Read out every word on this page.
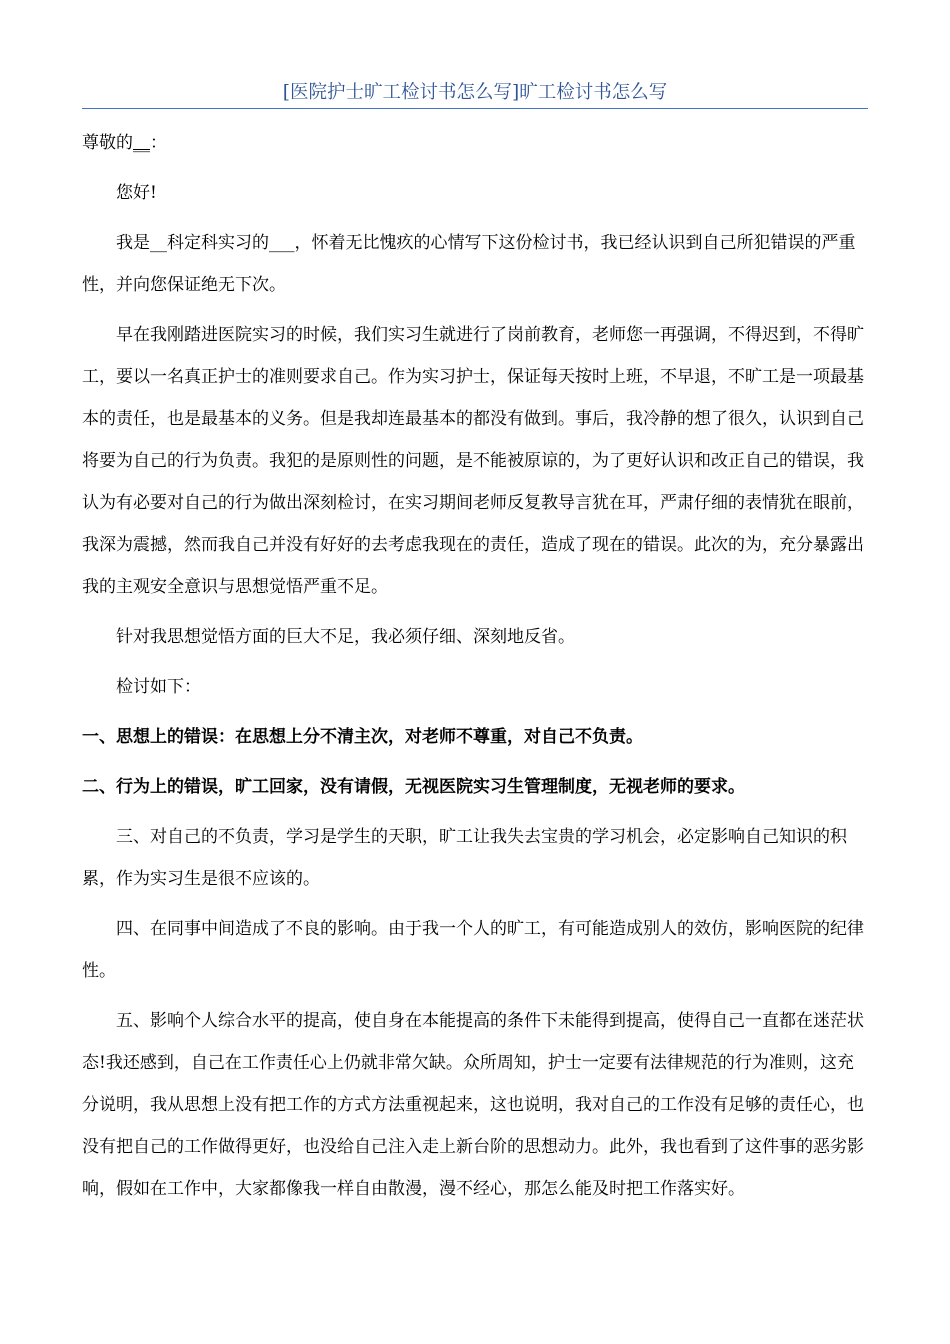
[医院护士旷工检讨书怎么写]旷工检讨书怎么写

尊敬的__：

您好!

我是__科定科实习的___，怀着无比愧疚的心情写下这份检讨书，我已经认识到自己所犯错误的严重性，并向您保证绝无下次。

早在我刚踏进医院实习的时候，我们实习生就进行了岗前教育，老师您一再强调，不得迟到，不得旷工，要以一名真正护士的准则要求自己。作为实习护士，保证每天按时上班，不早退，不旷工是一项最基本的责任，也是最基本的义务。但是我却连最基本的都没有做到。事后，我冷静的想了很久，认识到自己将要为自己的行为负责。我犯的是原则性的问题，是不能被原谅的，为了更好认识和改正自己的错误，我认为有必要对自己的行为做出深刻检讨，在实习期间老师反复教导言犹在耳，严肃仔细的表情犹在眼前，我深为震撼，然而我自己并没有好好的去考虑我现在的责任，造成了现在的错误。此次的为，充分暴露出我的主观安全意识与思想觉悟严重不足。

针对我思想觉悟方面的巨大不足，我必须仔细、深刻地反省。

检讨如下：

一、思想上的错误：在思想上分不清主次，对老师不尊重，对自己不负责。

二、行为上的错误，旷工回家，没有请假，无视医院实习生管理制度，无视老师的要求。

三、对自己的不负责，学习是学生的天职，旷工让我失去宝贵的学习机会，必定影响自己知识的积累，作为实习生是很不应该的。

四、在同事中间造成了不良的影响。由于我一个人的旷工，有可能造成别人的效仿，影响医院的纪律性。

五、影响个人综合水平的提高，使自身在本能提高的条件下未能得到提高，使得自己一直都在迷茫状态!我还感到，自己在工作责任心上仍就非常欠缺。众所周知，护士一定要有法律规范的行为准则，这充分说明，我从思想上没有把工作的方式方法重视起来，这也说明，我对自己的工作没有足够的责任心，也没有把自己的工作做得更好，也没给自己注入走上新台阶的思想动力。此外，我也看到了这件事的恶劣影响，假如在工作中，大家都像我一样自由散漫，漫不经心，那怎么能及时把工作落实好。
